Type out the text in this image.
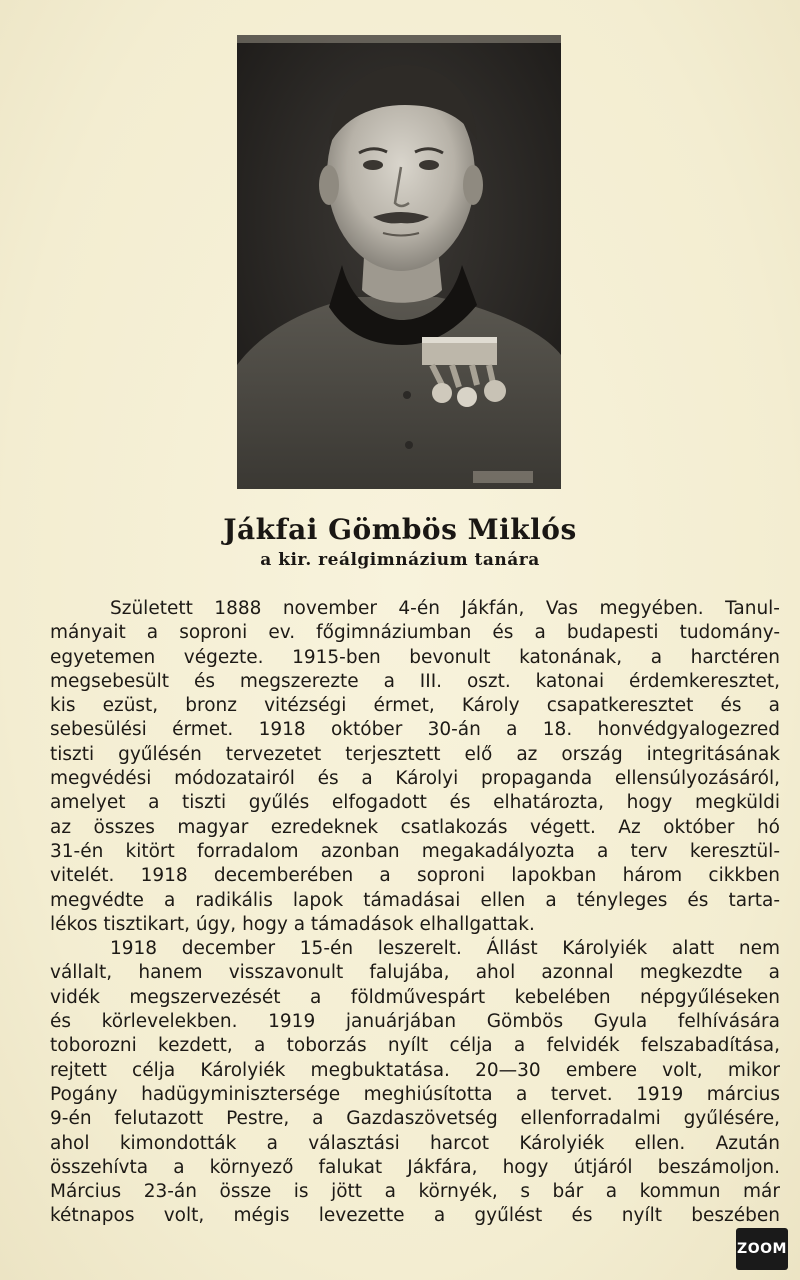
Jákfai Gömbös Miklós
a kir. reálgimnázium tanára
Született 1888 november 4-én Jákfán, Vas megyében. Tanul-
mányait a soproni ev. főgimnáziumban és a budapesti tudomány-
egyetemen végezte. 1915-ben bevonult katonának, a harctéren
megsebesült és megszerezte a III. oszt. katonai érdemkeresztet,
kis ezüst, bronz vitézségi érmet, Károly csapatkeresztet és a
sebesülési érmet. 1918 október 30-án a 18. honvédgyalogezred
tiszti gyűlésén tervezetet terjesztett elő az ország integritásának
megvédési módozatairól és a Károlyi propaganda ellensúlyozásáról,
amelyet a tiszti gyűlés elfogadott és elhatározta, hogy megküldi
az összes magyar ezredeknek csatlakozás végett. Az október hó
31-én kitört forradalom azonban megakadályozta a terv keresztül-
vitelét. 1918 decemberében a soproni lapokban három cikkben
megvédte a radikális lapok támadásai ellen a tényleges és tarta-
lékos tisztikart, úgy, hogy a támadások elhallgattak.
1918 december 15-én leszerelt. Állást Károlyiék alatt nem
vállalt, hanem visszavonult falujába, ahol azonnal megkezdte a
vidék megszervezését a földművespárt kebelében népgyűléseken
és körlevelekben. 1919 januárjában Gömbös Gyula felhívására
toborozni kezdett, a toborzás nyílt célja a felvidék felszabadítása,
rejtett célja Károlyiék megbuktatása. 20—30 embere volt, mikor
Pogány hadügyminisztersége meghiúsította a tervet. 1919 március
9-én felutazott Pestre, a Gazdaszövetség ellenforradalmi gyűlésére,
ahol kimondották a választási harcot Károlyiék ellen. Azután
összehívta a környező falukat Jákfára, hogy útjáról beszámoljon.
Március 23-án össze is jött a környék, s bár a kommun már
kétnapos volt, mégis levezette a gyűlést és nyílt beszében
ZOOM
